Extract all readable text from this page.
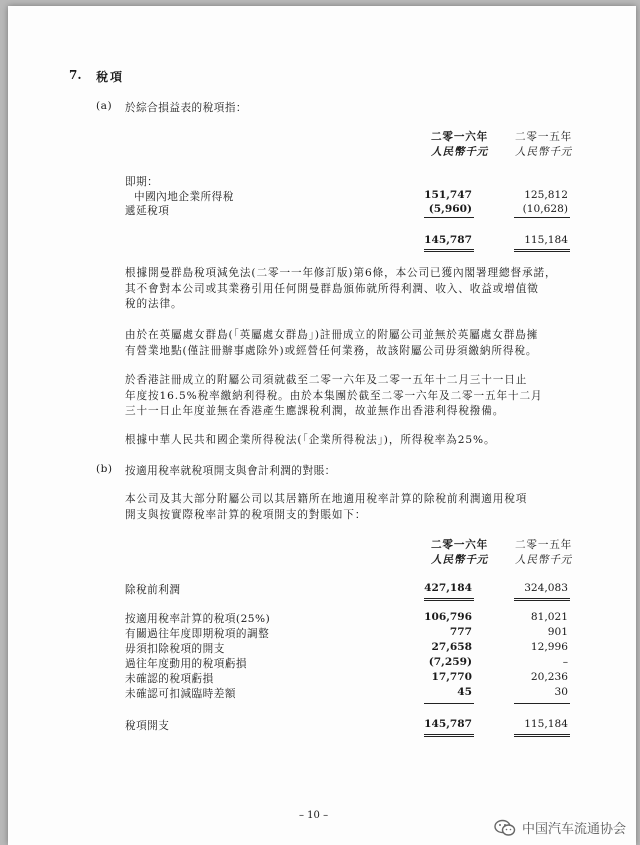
7. 稅項
(a) 於綜合損益表的稅項指：
二零一六年
人民幣千元
二零一五年
人民幣千元
即期：
中國內地企業所得稅	151,747	125,812
遞延稅項	(5,960)	(10,628)
145,787	115,184
根據開曼群島稅項減免法(二零一一年修訂版)第6條，本公司已獲內閣署理總督承諾，
其不會對本公司或其業務引用任何開曼群島頒佈就所得利潤、收入、收益或增值徵
稅的法律。
由於在英屬處女群島(「英屬處女群島」)註冊成立的附屬公司並無於英屬處女群島擁
有營業地點(僅註冊辦事處除外)或經營任何業務，故該附屬公司毋須繳納所得稅。
於香港註冊成立的附屬公司須就截至二零一六年及二零一五年十二月三十一日止
年度按16.5%稅率繳納利得稅。由於本集團於截至二零一六年及二零一五年十二月
三十一日止年度並無在香港產生應課稅利潤，故並無作出香港利得稅撥備。
根據中華人民共和國企業所得稅法(「企業所得稅法」)，所得稅率為25%。
(b) 按適用稅率就稅項開支與會計利潤的對賬：
本公司及其大部分附屬公司以其居籍所在地適用稅率計算的除稅前利潤適用稅項
開支與按實際稅率計算的稅項開支的對賬如下：
二零一六年
人民幣千元
二零一五年
人民幣千元
除稅前利潤	427,184	324,083
按適用稅率計算的稅項(25%)	106,796	81,021
有關過往年度即期稅項的調整	777	901
毋須扣除稅項的開支	27,658	12,996
過往年度動用的稅項虧損	(7,259)	–
未確認的稅項虧損	17,770	20,236
未確認可扣減臨時差額	45	30
稅項開支	145,787	115,184
– 10 –
中国汽车流通协会
